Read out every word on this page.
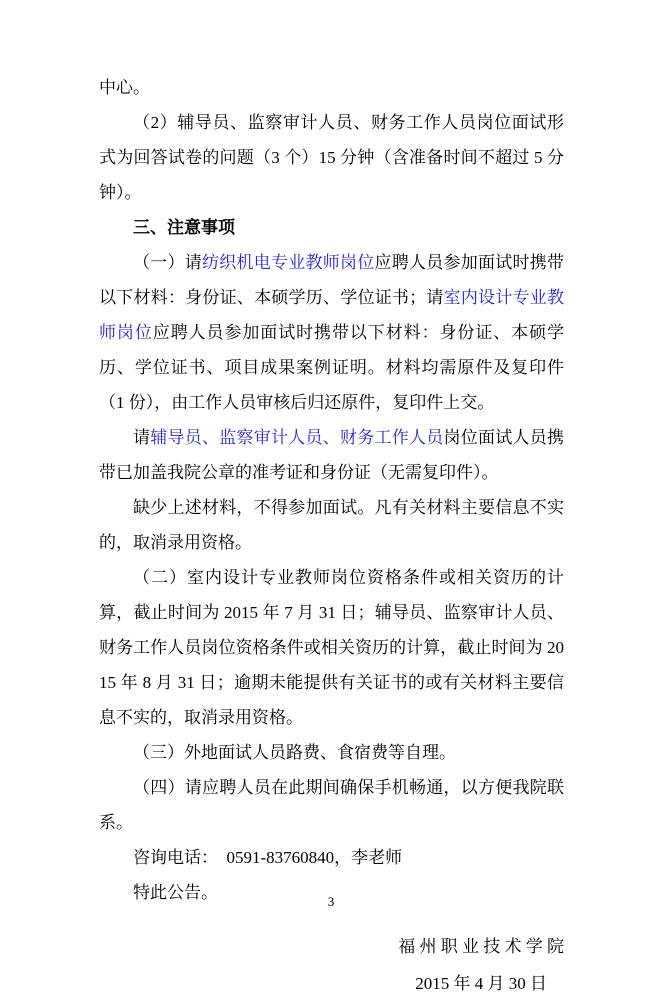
中心。

（2）辅导员、监察审计人员、财务工作人员岗位面试形式为回答试卷的问题（3 个）15 分钟（含准备时间不超过 5 分钟）。

三、注意事项

（一）请纺织机电专业教师岗位应聘人员参加面试时携带以下材料：身份证、本硕学历、学位证书；请室内设计专业教师岗位应聘人员参加面试时携带以下材料：身份证、本硕学历、学位证书、项目成果案例证明。材料均需原件及复印件（1 份），由工作人员审核后归还原件，复印件上交。

请辅导员、监察审计人员、财务工作人员岗位面试人员携带已加盖我院公章的准考证和身份证（无需复印件）。

缺少上述材料，不得参加面试。凡有关材料主要信息不实的，取消录用资格。

（二）室内设计专业教师岗位资格条件或相关资历的计算，截止时间为 2015 年 7 月 31 日；辅导员、监察审计人员、财务工作人员岗位资格条件或相关资历的计算，截止时间为 2015 年 8 月 31 日；逾期未能提供有关证书的或有关材料主要信息不实的，取消录用资格。

（三）外地面试人员路费、食宿费等自理。

（四）请应聘人员在此期间确保手机畅通，以方便我院联系。

咨询电话：  0591-83760840，李老师

特此公告。

福 州 职 业 技 术 学 院
2015 年 4 月 30 日
3
